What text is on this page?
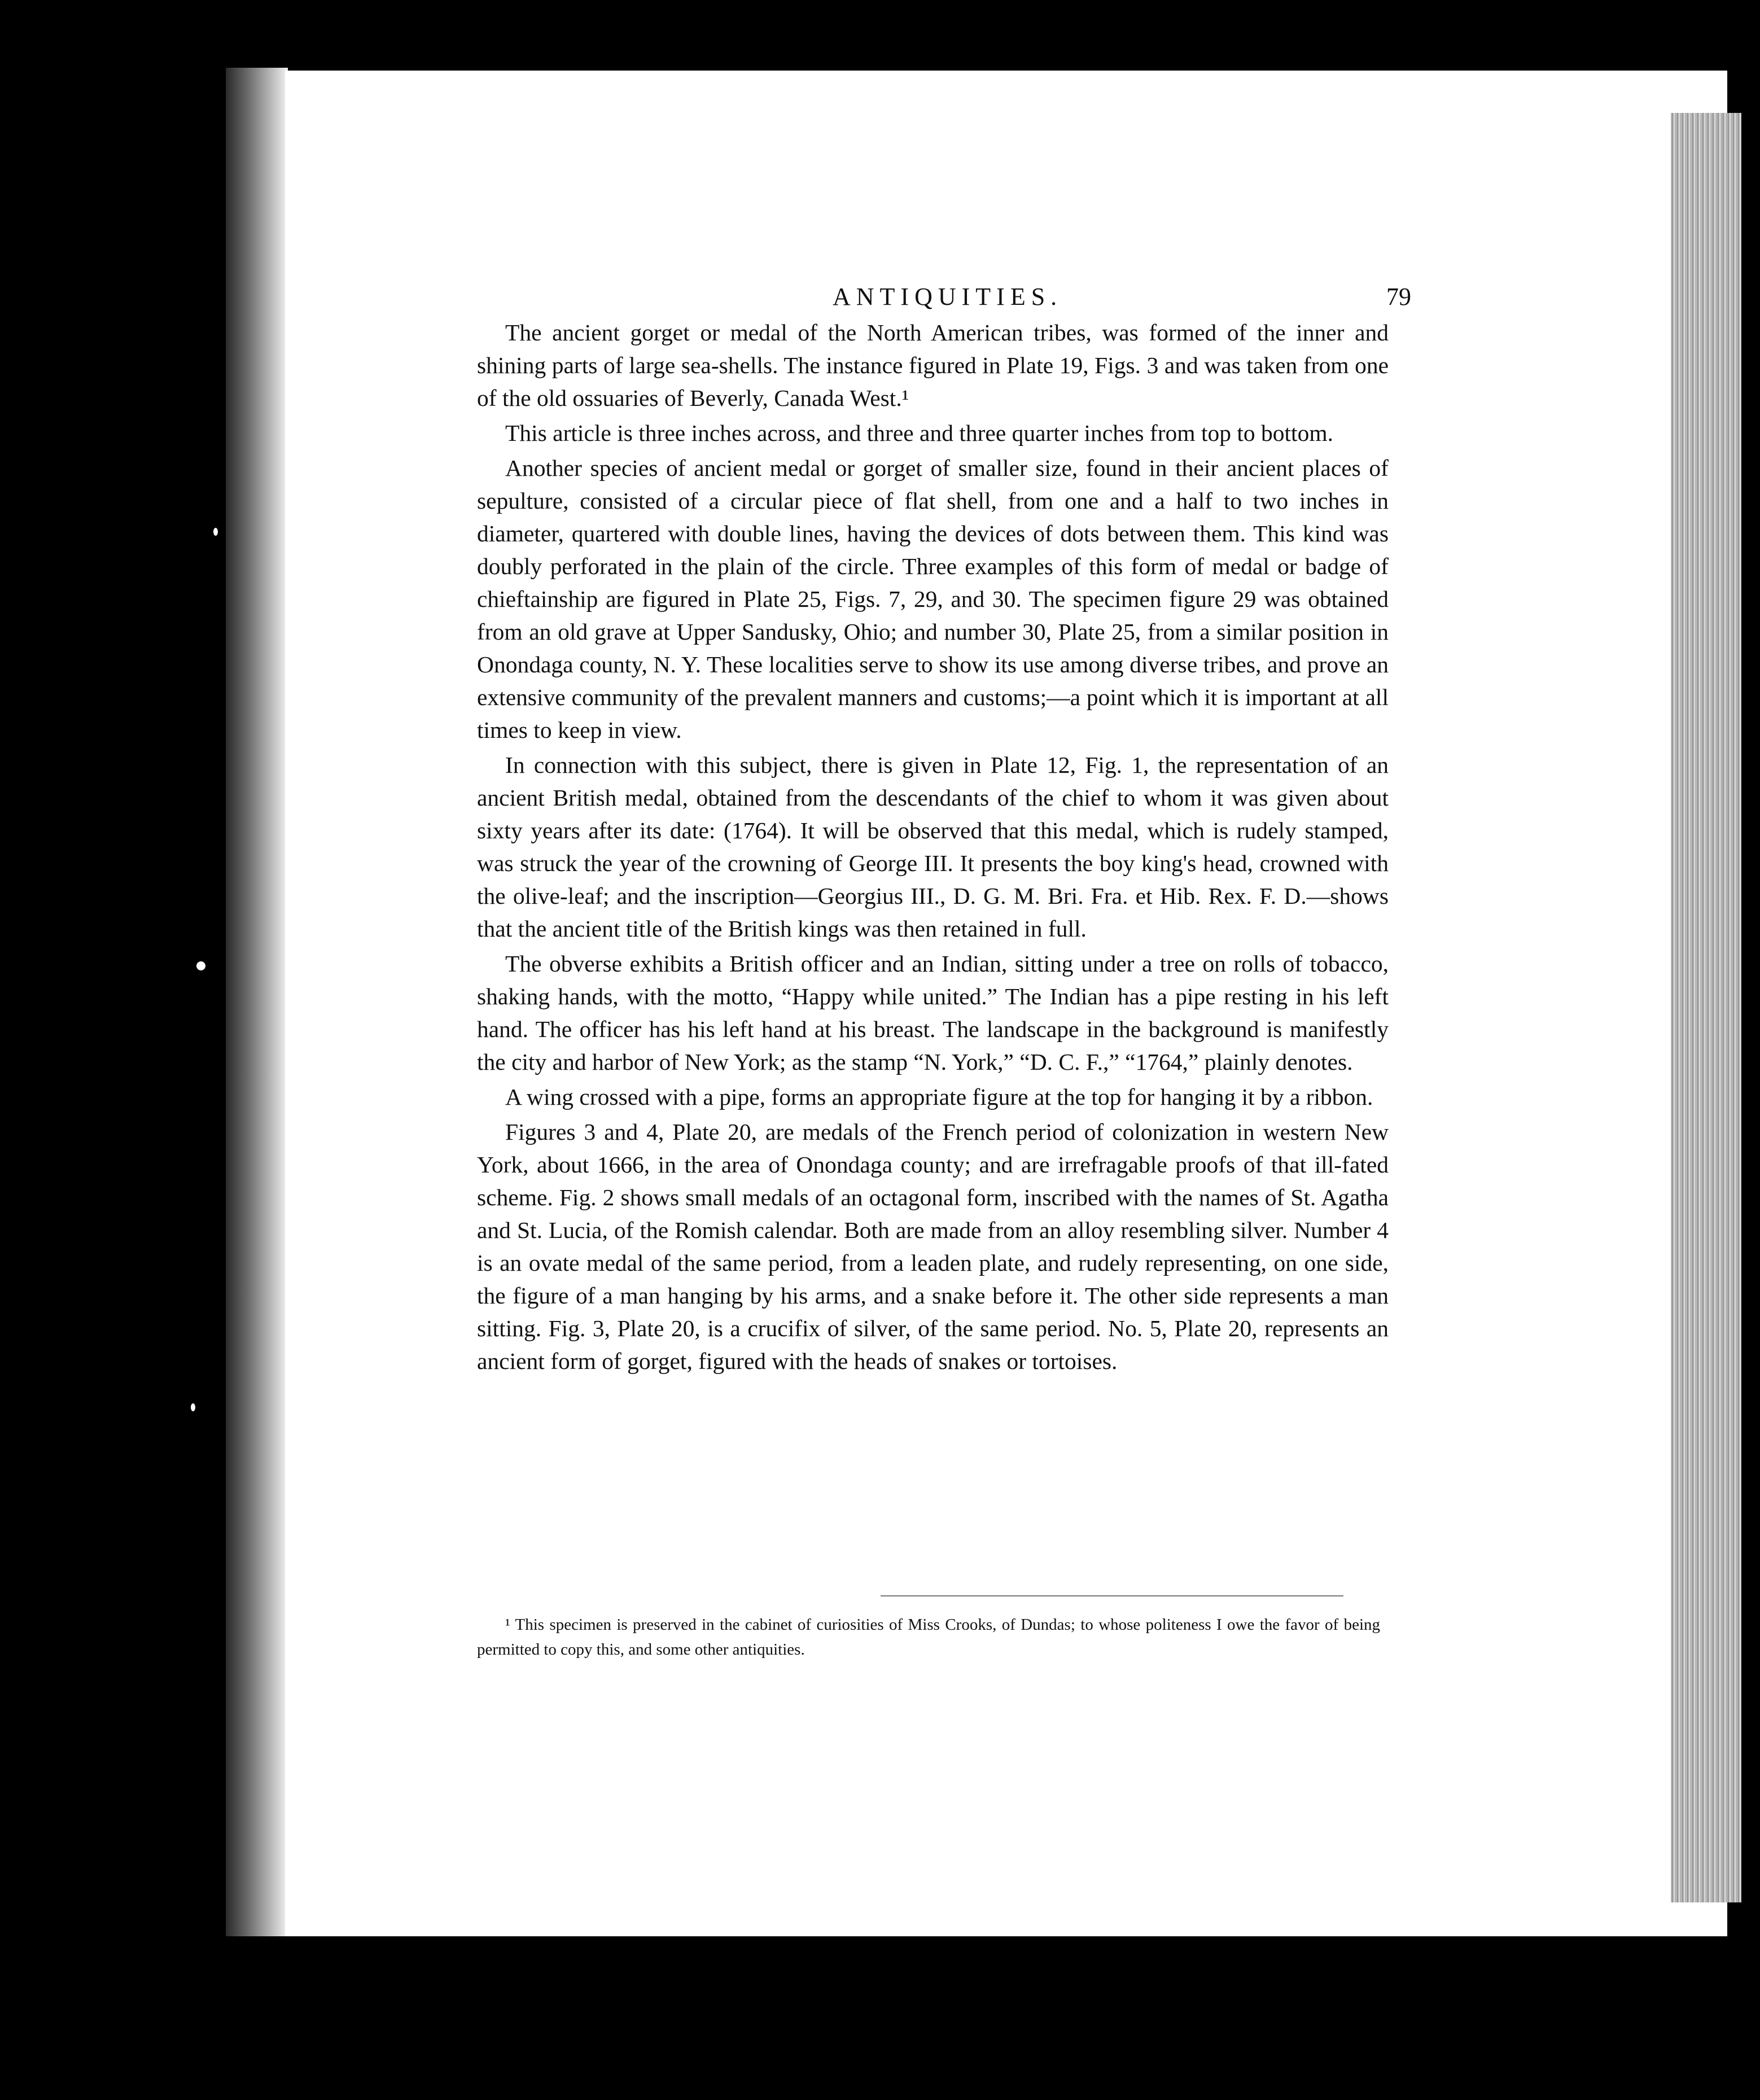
ANTIQUITIES.	79

The ancient gorget or medal of the North American tribes, was formed of the inner and shining parts of large sea-shells. The instance figured in Plate 19, Figs. 3 and was taken from one of the old ossuaries of Beverly, Canada West.¹

This article is three inches across, and three and three quarter inches from top to bottom.

Another species of ancient medal or gorget of smaller size, found in their ancient places of sepulture, consisted of a circular piece of flat shell, from one and a half to two inches in diameter, quartered with double lines, having the devices of dots between them. This kind was doubly perforated in the plain of the circle. Three examples of this form of medal or badge of chieftainship are figured in Plate 25, Figs. 7, 29, and 30. The specimen figure 29 was obtained from an old grave at Upper Sandusky, Ohio; and number 30, Plate 25, from a similar position in Onondaga county, N. Y. These localities serve to show its use among diverse tribes, and prove an extensive community of the prevalent manners and customs;—a point which it is important at all times to keep in view.

In connection with this subject, there is given in Plate 12, Fig. 1, the representation of an ancient British medal, obtained from the descendants of the chief to whom it was given about sixty years after its date: (1764). It will be observed that this medal, which is rudely stamped, was struck the year of the crowning of George III. It presents the boy king's head, crowned with the olive-leaf; and the inscription—Georgius III., D. G. M. Bri. Fra. et Hib. Rex. F. D.—shows that the ancient title of the British kings was then retained in full.

The obverse exhibits a British officer and an Indian, sitting under a tree on rolls of tobacco, shaking hands, with the motto, “Happy while united.” The Indian has a pipe resting in his left hand. The officer has his left hand at his breast. The landscape in the background is manifestly the city and harbor of New York; as the stamp “N. York,” “D. C. F.,” “1764,” plainly denotes.

A wing crossed with a pipe, forms an appropriate figure at the top for hanging it by a ribbon.

Figures 3 and 4, Plate 20, are medals of the French period of colonization in western New York, about 1666, in the area of Onondaga county; and are irrefragable proofs of that ill-fated scheme. Fig. 2 shows small medals of an octagonal form, inscribed with the names of St. Agatha and St. Lucia, of the Romish calendar. Both are made from an alloy resembling silver. Number 4 is an ovate medal of the same period, from a leaden plate, and rudely representing, on one side, the figure of a man hanging by his arms, and a snake before it. The other side represents a man sitting. Fig. 3, Plate 20, is a crucifix of silver, of the same period. No. 5, Plate 20, represents an ancient form of gorget, figured with the heads of snakes or tortoises.

¹ This specimen is preserved in the cabinet of curiosities of Miss Crooks, of Dundas; to whose politeness I owe the favor of being permitted to copy this, and some other antiquities.
